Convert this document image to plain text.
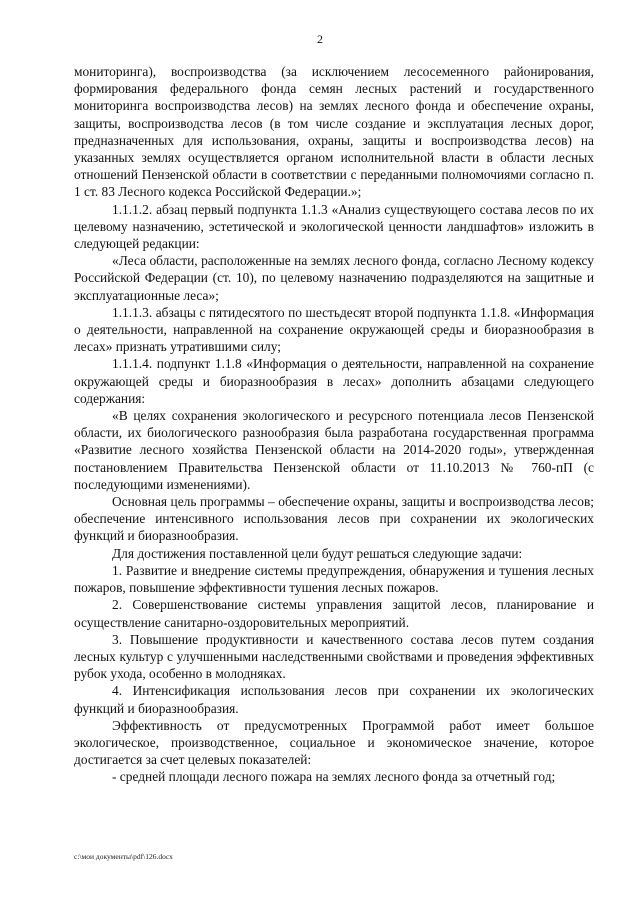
2

мониторинга), воспроизводства (за исключением лесосеменного районирования, формирования федерального фонда семян лесных растений и государственного мониторинга воспроизводства лесов) на землях лесного фонда и обеспечение охраны, защиты, воспроизводства лесов (в том числе создание и эксплуатация лесных дорог, предназначенных для использования, охраны, защиты и воспроизводства лесов) на указанных землях осуществляется органом исполнительной власти в области лесных отношений Пензенской области в соответствии с переданными полномочиями согласно п. 1 ст. 83 Лесного кодекса Российской Федерации.»;

1.1.1.2. абзац первый подпункта 1.1.3 «Анализ существующего состава лесов по их целевому назначению, эстетической и экологической ценности ландшафтов» изложить в следующей редакции:

«Леса области, расположенные на землях лесного фонда, согласно Лесному кодексу Российской Федерации (ст. 10), по целевому назначению подразделяются на защитные и эксплуатационные леса»;

1.1.1.3. абзацы с пятидесятого по шестьдесят второй подпункта 1.1.8. «Информация о деятельности, направленной на сохранение окружающей среды и биоразнообразия в лесах» признать утратившими силу;

1.1.1.4. подпункт 1.1.8 «Информация о деятельности, направленной на сохранение окружающей среды и биоразнообразия в лесах» дополнить абзацами следующего содержания:

«В целях сохранения экологического и ресурсного потенциала лесов Пензенской области, их биологического разнообразия была разработана государственная программа «Развитие лесного хозяйства Пензенской области на 2014-2020 годы», утвержденная постановлением Правительства Пензенской области от 11.10.2013 № 760-пП (с последующими изменениями).

Основная цель программы – обеспечение охраны, защиты и воспроизводства лесов; обеспечение интенсивного использования лесов при сохранении их экологических функций и биоразнообразия.

Для достижения поставленной цели будут решаться следующие задачи:

1. Развитие и внедрение системы предупреждения, обнаружения и тушения лесных пожаров, повышение эффективности тушения лесных пожаров.

2. Совершенствование системы управления защитой лесов, планирование и осуществление санитарно-оздоровительных мероприятий.

3. Повышение продуктивности и качественного состава лесов путем создания лесных культур с улучшенными наследственными свойствами и проведения эффективных рубок ухода, особенно в молодняках.

4. Интенсификация использования лесов при сохранении их экологических функций и биоразнообразия.

Эффективность от предусмотренных Программой работ имеет большое экологическое, производственное, социальное и экономическое значение, которое достигается за счет целевых показателей:

- средней площади лесного пожара на землях лесного фонда за отчетный год;

c:\мои документы\pdf\126.docx
